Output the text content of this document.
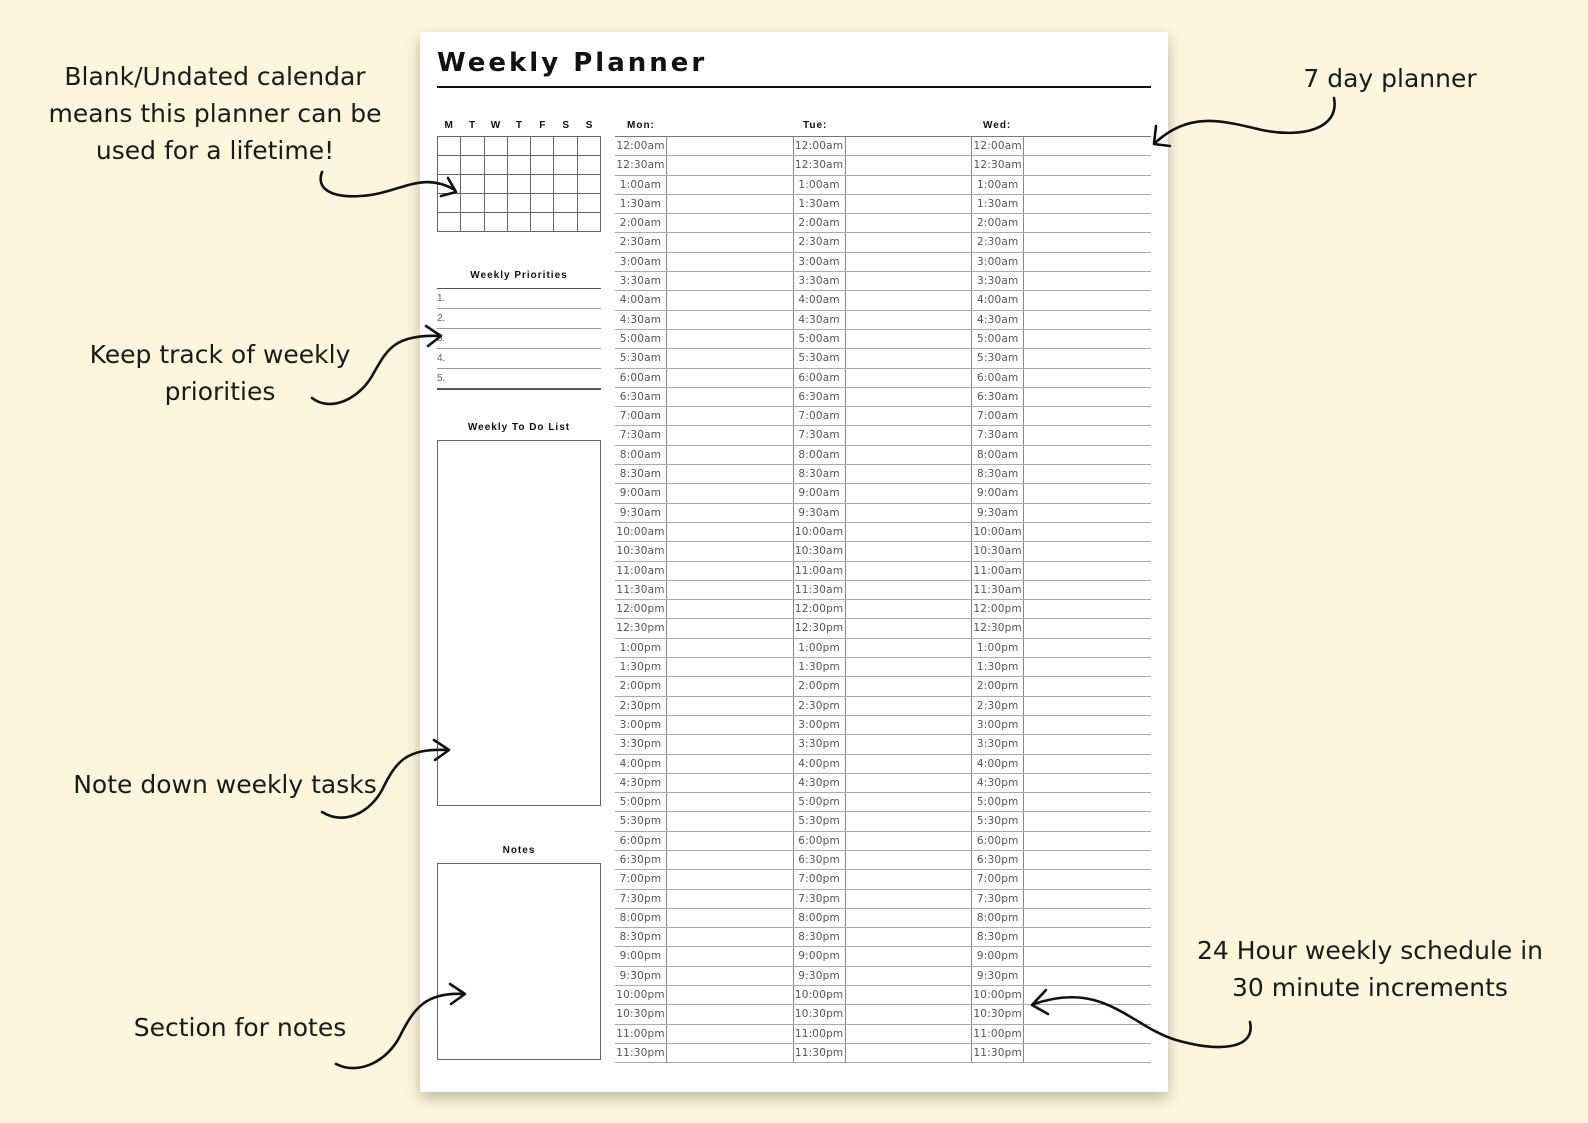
Blank/Undated calendar
means this planner can be
used for a lifetime!
Keep track of weekly
priorities
Note down weekly tasks
Section for notes
7 day planner
24 Hour weekly schedule in
30 minute increments
Weekly Planner
M	T	W	T	F	S	S
Weekly Priorities
1.
2.
3.
4.
5.
Weekly To Do List
Notes
Mon:	Tue:	Wed:
12:00am	12:00am	12:00am
12:30am	12:30am	12:30am
1:00am	1:00am	1:00am
1:30am	1:30am	1:30am
2:00am	2:00am	2:00am
2:30am	2:30am	2:30am
3:00am	3:00am	3:00am
3:30am	3:30am	3:30am
4:00am	4:00am	4:00am
4:30am	4:30am	4:30am
5:00am	5:00am	5:00am
5:30am	5:30am	5:30am
6:00am	6:00am	6:00am
6:30am	6:30am	6:30am
7:00am	7:00am	7:00am
7:30am	7:30am	7:30am
8:00am	8:00am	8:00am
8:30am	8:30am	8:30am
9:00am	9:00am	9:00am
9:30am	9:30am	9:30am
10:00am	10:00am	10:00am
10:30am	10:30am	10:30am
11:00am	11:00am	11:00am
11:30am	11:30am	11:30am
12:00pm	12:00pm	12:00pm
12:30pm	12:30pm	12:30pm
1:00pm	1:00pm	1:00pm
1:30pm	1:30pm	1:30pm
2:00pm	2:00pm	2:00pm
2:30pm	2:30pm	2:30pm
3:00pm	3:00pm	3:00pm
3:30pm	3:30pm	3:30pm
4:00pm	4:00pm	4:00pm
4:30pm	4:30pm	4:30pm
5:00pm	5:00pm	5:00pm
5:30pm	5:30pm	5:30pm
6:00pm	6:00pm	6:00pm
6:30pm	6:30pm	6:30pm
7:00pm	7:00pm	7:00pm
7:30pm	7:30pm	7:30pm
8:00pm	8:00pm	8:00pm
8:30pm	8:30pm	8:30pm
9:00pm	9:00pm	9:00pm
9:30pm	9:30pm	9:30pm
10:00pm	10:00pm	10:00pm
10:30pm	10:30pm	10:30pm
11:00pm	11:00pm	11:00pm
11:30pm	11:30pm	11:30pm
